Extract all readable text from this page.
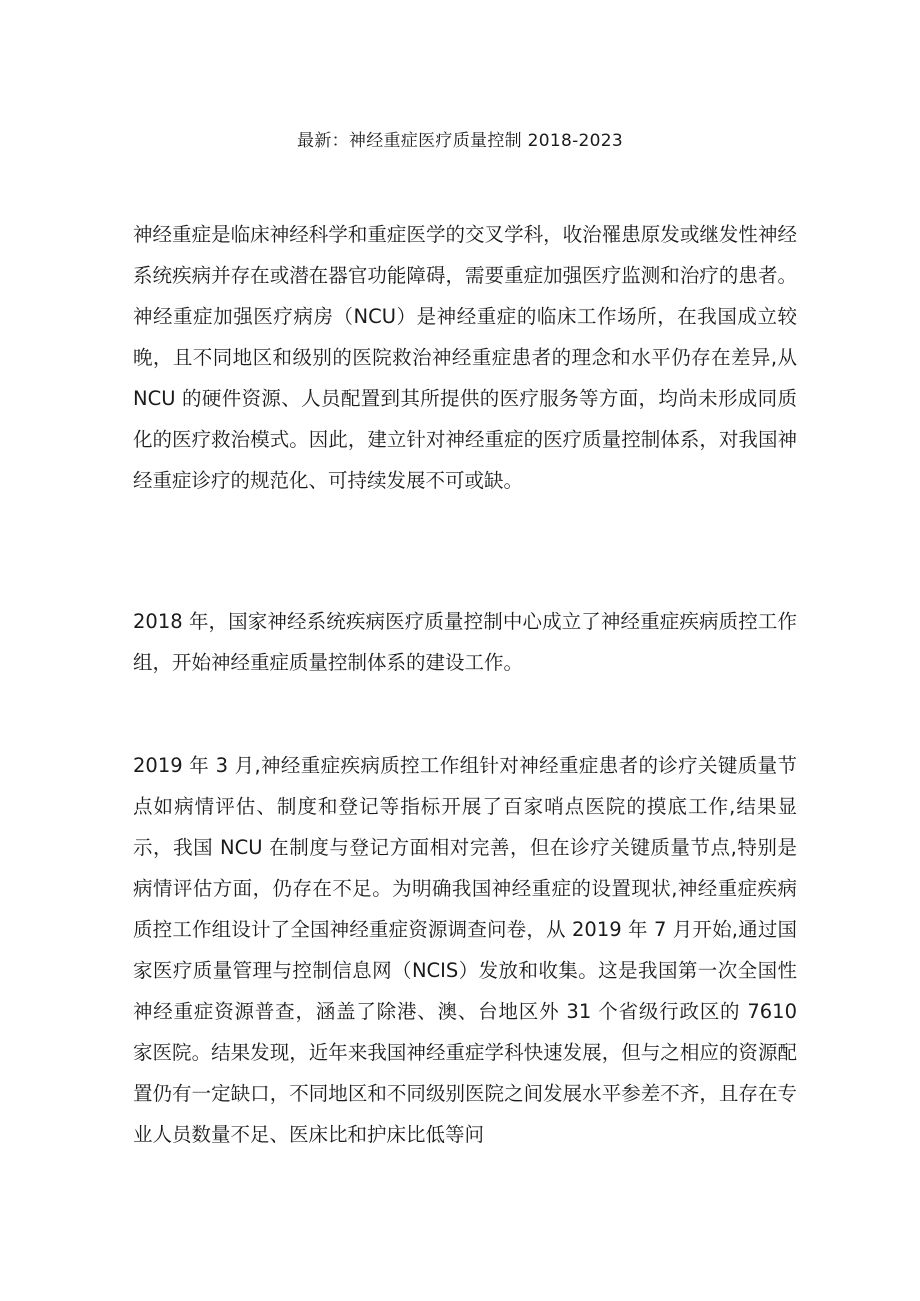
最新：神经重症医疗质量控制 2018-2023

神经重症是临床神经科学和重症医学的交叉学科，收治罹患原发或继发性神经系统疾病并存在或潜在器官功能障碍，需要重症加强医疗监测和治疗的患者。神经重症加强医疗病房（NCU）是神经重症的临床工作场所，在我国成立较晚，且不同地区和级别的医院救治神经重症患者的理念和水平仍存在差异,从 NCU 的硬件资源、人员配置到其所提供的医疗服务等方面，均尚未形成同质化的医疗救治模式。因此，建立针对神经重症的医疗质量控制体系，对我国神经重症诊疗的规范化、可持续发展不可或缺。

2018 年，国家神经系统疾病医疗质量控制中心成立了神经重症疾病质控工作组，开始神经重症质量控制体系的建设工作。

2019 年 3 月,神经重症疾病质控工作组针对神经重症患者的诊疗关键质量节点如病情评估、制度和登记等指标开展了百家哨点医院的摸底工作,结果显示，我国 NCU 在制度与登记方面相对完善，但在诊疗关键质量节点,特别是病情评估方面，仍存在不足。为明确我国神经重症的设置现状,神经重症疾病质控工作组设计了全国神经重症资源调查问卷，从 2019 年 7 月开始,通过国家医疗质量管理与控制信息网（NCIS）发放和收集。这是我国第一次全国性神经重症资源普查，涵盖了除港、澳、台地区外 31 个省级行政区的 7610 家医院。结果发现，近年来我国神经重症学科快速发展，但与之相应的资源配置仍有一定缺口，不同地区和不同级别医院之间发展水平参差不齐，且存在专业人员数量不足、医床比和护床比低等问
